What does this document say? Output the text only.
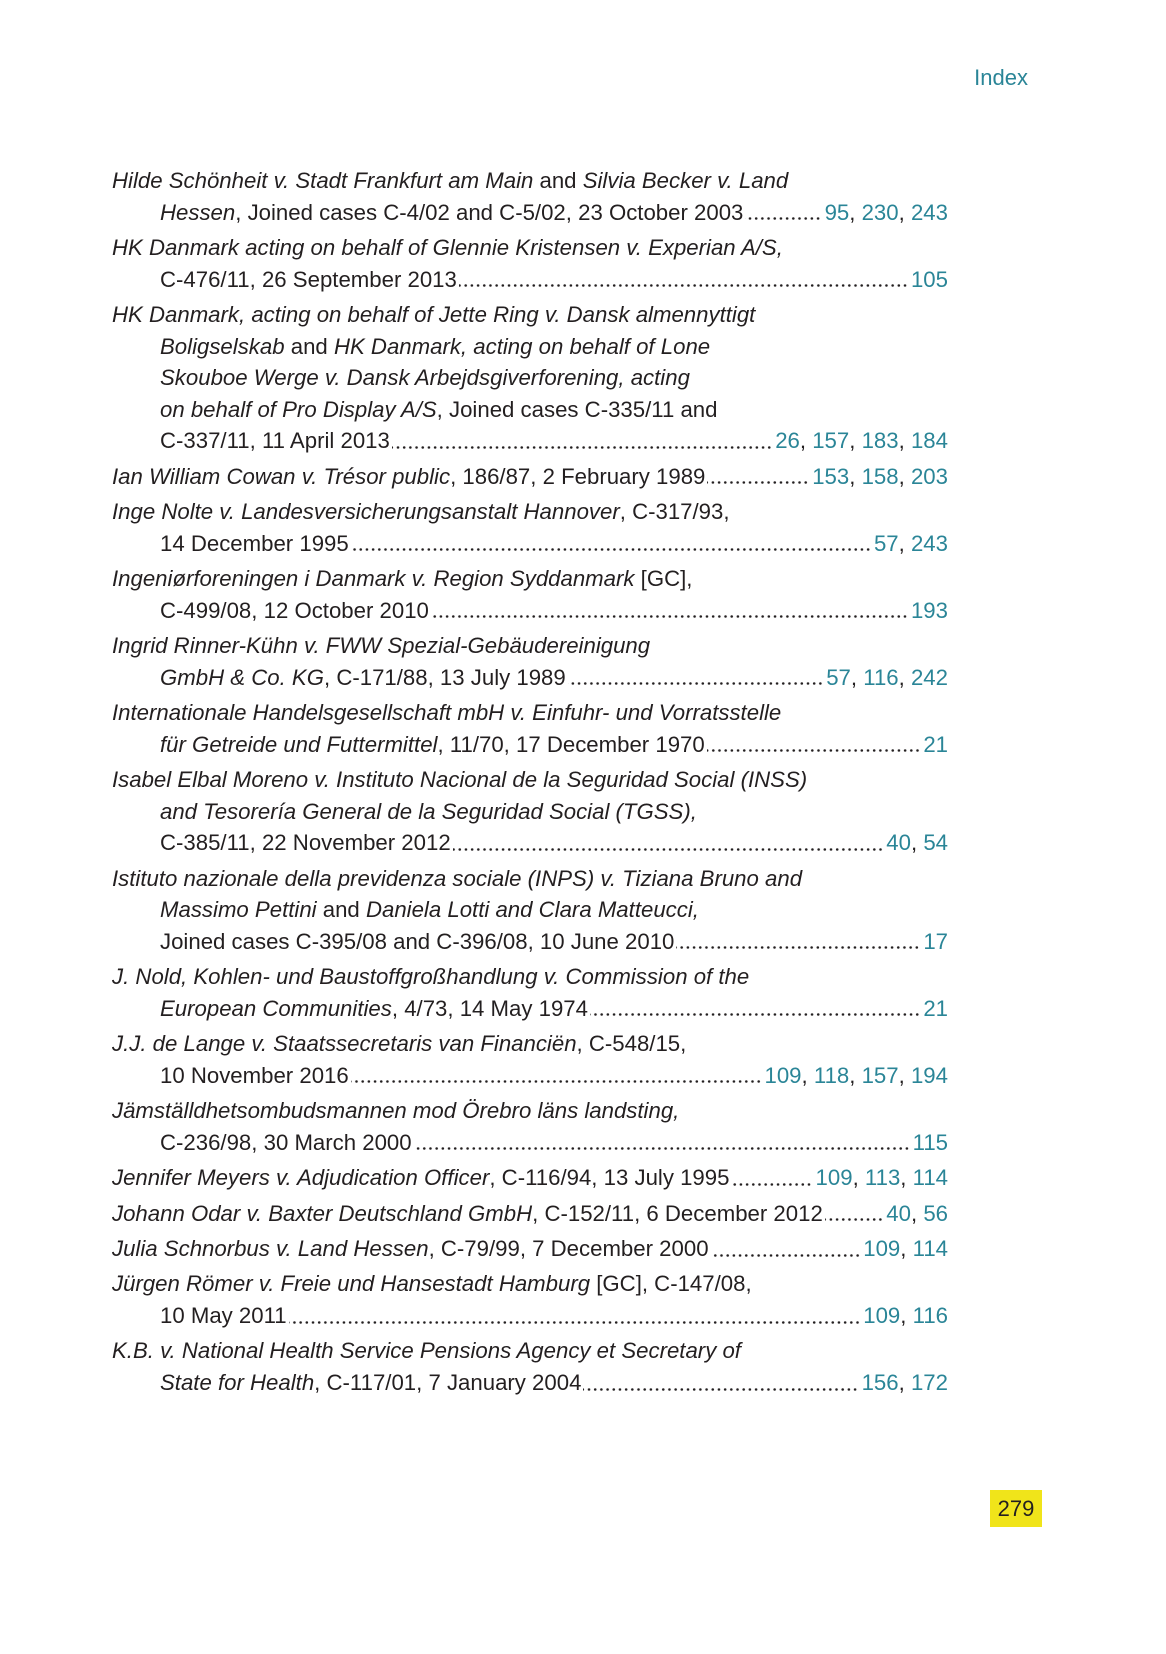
Index
Hilde Schönheit v. Stadt Frankfurt am Main and Silvia Becker v. Land
Hessen, Joined cases C-4/02 and C-5/02, 23 October 2003	95, 230, 243
HK Danmark acting on behalf of Glennie Kristensen v. Experian A/S,
C-476/11, 26 September 2013	105
HK Danmark, acting on behalf of Jette Ring v. Dansk almennyttigt
Boligselskab and HK Danmark, acting on behalf of Lone
Skouboe Werge v. Dansk Arbejdsgiverforening, acting
on behalf of Pro Display A/S, Joined cases C-335/11 and
C-337/11, 11 April 2013	26, 157, 183, 184
Ian William Cowan v. Trésor public, 186/87, 2 February 1989	153, 158, 203
Inge Nolte v. Landesversicherungsanstalt Hannover, C-317/93,
14 December 1995	57, 243
Ingeniørforeningen i Danmark v. Region Syddanmark [GC],
C-499/08, 12 October 2010	193
Ingrid Rinner-Kühn v. FWW Spezial-Gebäudereinigung
GmbH & Co. KG, C-171/88, 13 July 1989	57, 116, 242
Internationale Handelsgesellschaft mbH v. Einfuhr- und Vorratsstelle
für Getreide und Futtermittel, 11/70, 17 December 1970	21
Isabel Elbal Moreno v. Instituto Nacional de la Seguridad Social (INSS)
and Tesorería General de la Seguridad Social (TGSS),
C-385/11, 22 November 2012	40, 54
Istituto nazionale della previdenza sociale (INPS) v. Tiziana Bruno and
Massimo Pettini and Daniela Lotti and Clara Matteucci,
Joined cases C-395/08 and C-396/08, 10 June 2010	17
J. Nold, Kohlen- und Baustoffgroßhandlung v. Commission of the
European Communities, 4/73, 14 May 1974	21
J.J. de Lange v. Staatssecretaris van Financiën, C-548/15,
10 November 2016	109, 118, 157, 194
Jämställdhetsombudsmannen mod Örebro läns landsting,
C-236/98, 30 March 2000	115
Jennifer Meyers v. Adjudication Officer, C-116/94, 13 July 1995	109, 113, 114
Johann Odar v. Baxter Deutschland GmbH, C-152/11, 6 December 2012	40, 56
Julia Schnorbus v. Land Hessen, C-79/99, 7 December 2000	109, 114
Jürgen Römer v. Freie und Hansestadt Hamburg [GC], C-147/08,
10 May 2011	109, 116
K.B. v. National Health Service Pensions Agency et Secretary of
State for Health, C-117/01, 7 January 2004	156, 172
279
